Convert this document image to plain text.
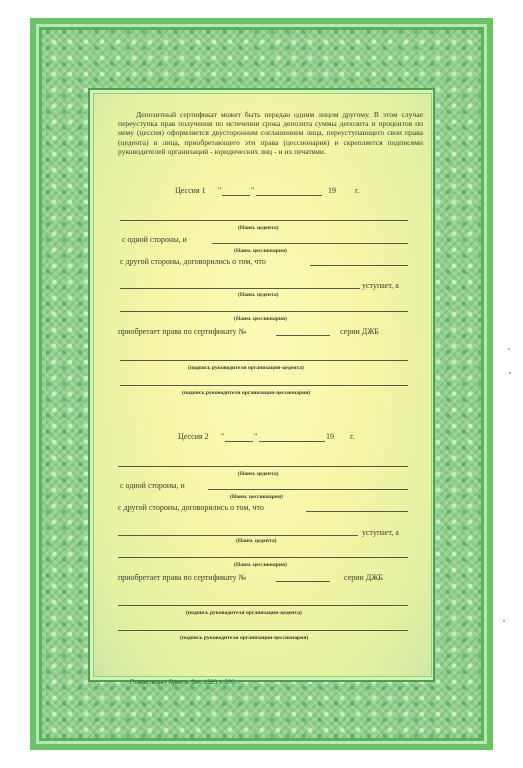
Депозитный сертификат может быть передан одним лицом другому. В этом случае переуступка прав получения по истечении срока депозита суммы депозита и процентов по нему (цессия) оформляется двусторонним соглашением лица, переуступающего свои права (цедента) и лица, приобретающего эти права (цессионария) и скрепляется подписями руководителей организаций - юридических лиц - и их печатями.

Цессия 1 "	"	19 г.
(Наим. цедента)
с одной стороны, и
(Наим. цессионария)
с другой стороны, договорились о том, что
уступает, а
(Наим. цедента)
(Наим. цессионария)
приобретает права по сертификату №	серии ДЖБ
(подпись руководителя организации-цедента)
(подпись руководителя организации-цессионария)
Цессия 2 "	"	19 г.
(Наим. цедента)
с одной стороны, и
(Наим. цессионария)
с другой стороны, договорились о том, что
уступает, а
(Наим. цедента)
(Наим. цессионария)
приобретает права по сертификату №	серии ДЖБ
(подпись руководителя организации-цедента)
(подпись руководителя организации-цессионария)
Гознаковская бумага. Зак. 1583 т. 500
